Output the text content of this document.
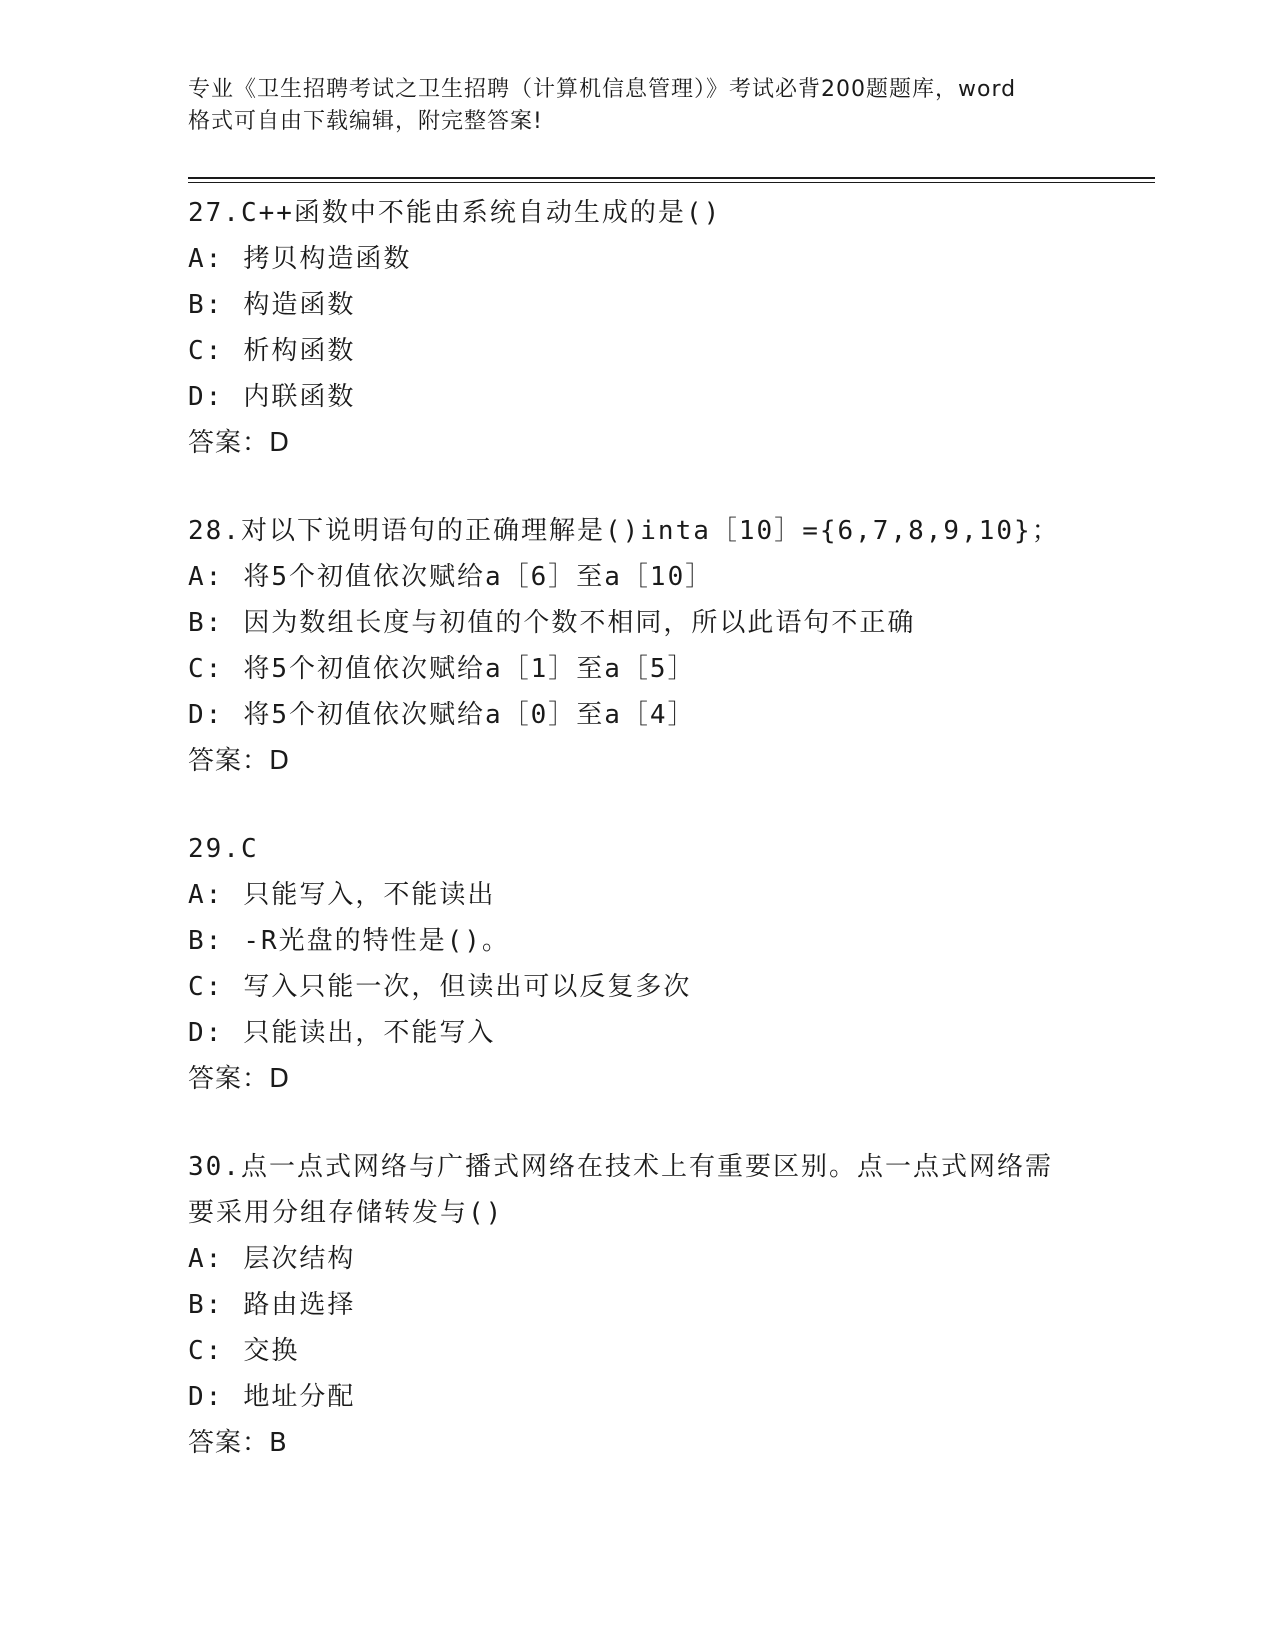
专业《卫生招聘考试之卫生招聘（计算机信息管理）》考试必背200题题库，word

格式可自由下载编辑，附完整答案!

27.C++函数中不能由系统自动生成的是()
A: 拷贝构造函数
B: 构造函数
C: 析构函数
D: 内联函数
答案：D
28.对以下说明语句的正确理解是()inta［10］={6,7,8,9,10}；
A: 将5个初值依次赋给a［6］至a［10］
B: 因为数组长度与初值的个数不相同，所以此语句不正确
C: 将5个初值依次赋给a［1］至a［5］
D: 将5个初值依次赋给a［0］至a［4］
答案：D
29.C
A: 只能写入，不能读出
B: -R光盘的特性是()。
C: 写入只能一次，但读出可以反复多次
D: 只能读出，不能写入
答案：D
30.点一点式网络与广播式网络在技术上有重要区别。点一点式网络需要采用分组存储转发与()
A: 层次结构
B: 路由选择
C: 交换
D: 地址分配
答案：B
